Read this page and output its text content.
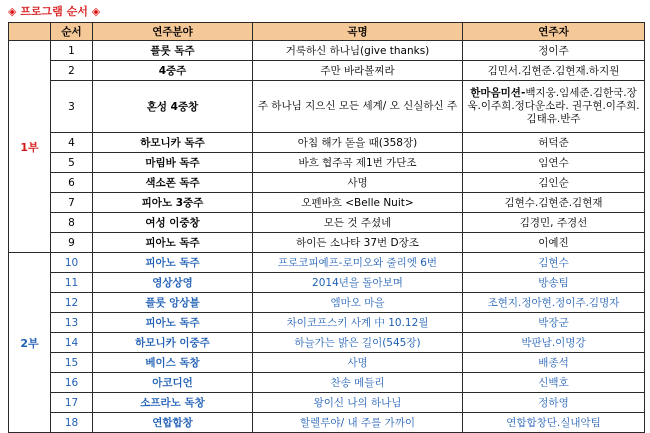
◈ 프로그램 순서 ◈
	순서	연주분야	곡명	연주자
1부	1	플룻 독주	거룩하신 하나님(give thanks)	정이주
	2	4중주	주만 바라볼찌라	김민서.김현준.김현재.하지원
	3	혼성 4중창	주 하나님 지으신 모든 세계/ 오 신실하신 주	한마음미션-백지웅.임세준.김한국.장욱.이주희.정다운소라. 권구현.이주희.김태유.반주
	4	하모니카 독주	아침 해가 돋을 때(358장)	허덕준
	5	마림바 독주	바흐 협주곡 제1번 가단조	임연수
	6	색소폰 독주	사명	김인순
	7	피아노 3중주	오펜바흐 <Belle Nuit>	김현수.김현준.김현재
	8	여성 이중창	모든 것 주셨네	김경민, 주경선
	9	피아노 독주	하이든 소나타 37번 D장조	이예진
2부	10	피아노 독주	프로코피예프-로미오와 줄리엣 6번	김현수
	11	영상상영	2014년을 돌아보며	방송팀
	12	플룻 앙상블	엠마오 마을	조현지.정아현.정이주.김명자
	13	피아노 독주	차이코프스키 사계 中 10.12월	박장군
	14	하모니카 이중주	하늘가는 밝은 길이(545장)	박판남.이명강
	15	베이스 독창	사명	배종석
	16	아코디언	찬송 메들리	신백호
	17	소프라노 독창	왕이신 나의 하나님	정하영
	18	연합합창	할렐루야/ 내 주를 가까이	연합합창단.실내악팀
